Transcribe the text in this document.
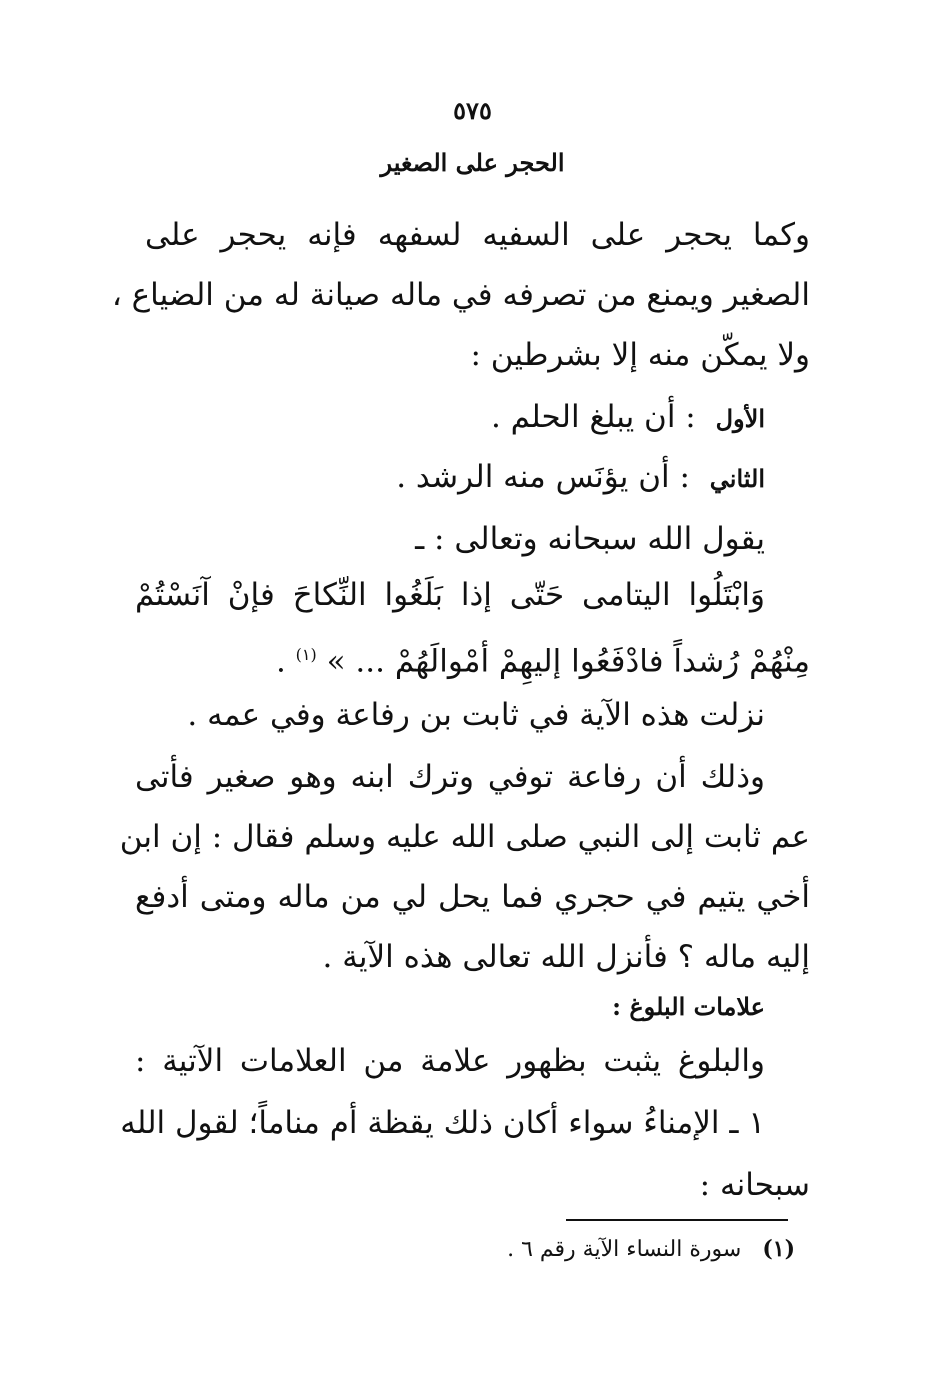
٥٧٥
الحجر على الصغير
وكما يحجر على السفيه لسفهه فإنه يحجر على
الصغير ويمنع من تصرفه في ماله صيانة له من الضياع ،
ولا يمكّن منه إلا بشرطين :
الأول : أن يبلغ الحلم .
الثاني : أن يؤنَس منه الرشد .
يقول الله سبحانه وتعالى : ـ
وَابْتَلُوا اليتامى حَتّى إذا بَلَغُوا النِّكاحَ فإنْ آنَسْتُمْ
مِنْهُمْ رُشداً فادْفَعُوا إليهِمْ أمْوالَهُمْ ... » $^{(١)}$ .
نزلت هذه الآية في ثابت بن رفاعة وفي عمه .
وذلك أن رفاعة توفي وترك ابنه وهو صغير فأتى
عم ثابت إلى النبي صلى الله عليه وسلم فقال : إن ابن
أخي يتيم في حجري فما يحل لي من ماله ومتى أدفع
إليه ماله ؟ فأنزل الله تعالى هذه الآية .
علامات البلوغ :
والبلوغ يثبت بظهور علامة من العلامات الآتية :
١ ـ الإمناءُ سواء أكان ذلك يقظة أم مناماً؛ لقول الله
سبحانه :
(١) سورة النساء الآية رقم ٦ .
